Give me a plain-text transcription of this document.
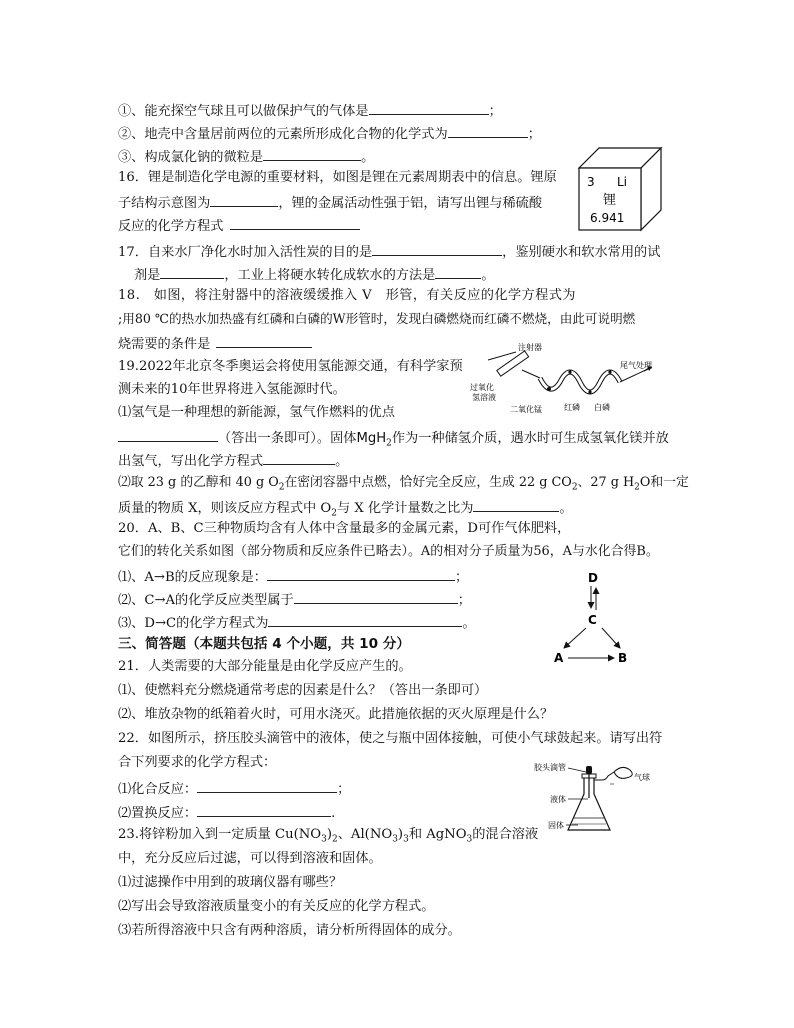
①、能充探空气球且可以做保护气的气体是	；
②、地壳中含量居前两位的元素所形成化合物的化学式为	；
③、构成氯化钠的微粒是	。
16．锂是制造化学电源的重要材料，如图是锂在元素周期表中的信息。锂原
子结构示意图为	，锂的金属活动性强于铝，请写出锂与稀硫酸
反应的化学方程式
3 Li
锂
6.941
17．自来水厂净化水时加入活性炭的目的是	，鉴别硬水和软水常用的试
剂是	，工业上将硬水转化成软水的方法是	。
18.　如图，将注射器中的溶液缓缓推入 V　形管，有关反应的化学方程式为
;用80 ℃的热水加热盛有红磷和白磷的W形管时，发现白磷燃烧而红磷不燃烧，由此可说明燃
烧需要的条件是	注射器
过氧化
氢溶液
二氧化锰	红磷 白磷
尾气处理
19.2022年北京冬季奥运会将使用氢能源交通，有科学家预
测未来的10年世界将进入氢能源时代。
⑴氢气是一种理想的新能源，氢气作燃料的优点
（答出一条即可）。固体MgH$_2$作为一种储氢介质，遇水时可生成氢氧化镁并放
出氢气，写出化学方程式	。
⑵取 23 g 的乙醇和 40 g $O_2$在密闭容器中点燃，恰好完全反应，生成 22 g $CO_2$、27 g $H_2O$和一定
质量的物质 X，则该反应方程式中 $O_2$与 X 化学计量数之比为	。
20．A、B、C三种物质均含有人体中含量最多的金属元素，D可作气体肥料，
它们的转化关系如图（部分物质和反应条件已略去）。A的相对分子质量为56，A与水化合得B。
⑴、A→B的反应现象是：	；
⑵、C→A的化学反应类型属于	；
⑶、D→C的化学方程式为	。
D
C
A	B
三、简答题（本题共包括 4 个小题，共 10 分）
21．人类需要的大部分能量是由化学反应产生的。
⑴、使燃料充分燃烧通常考虑的因素是什么？（答出一条即可）
⑵、堆放杂物的纸箱着火时，可用水浇灭。此措施依据的灭火原理是什么？
22．如图所示，挤压胶头滴管中的液体，使之与瓶中固体接触，可使小气球鼓起来。请写出符
合下列要求的化学方程式：
⑴化合反应：	；
⑵置换反应：	.
胶头滴管
气球
液体
固体
23.将锌粉加入到一定质量 $Cu(NO_3)_2$、$Al(NO_3)_3$和 AgNO$_3$的混合溶液
中，充分反应后过滤，可以得到溶液和固体。
⑴过滤操作中用到的玻璃仪器有哪些？
⑵写出会导致溶液质量变小的有关反应的化学方程式。
⑶若所得溶液中只含有两种溶质，请分析所得固体的成分。
